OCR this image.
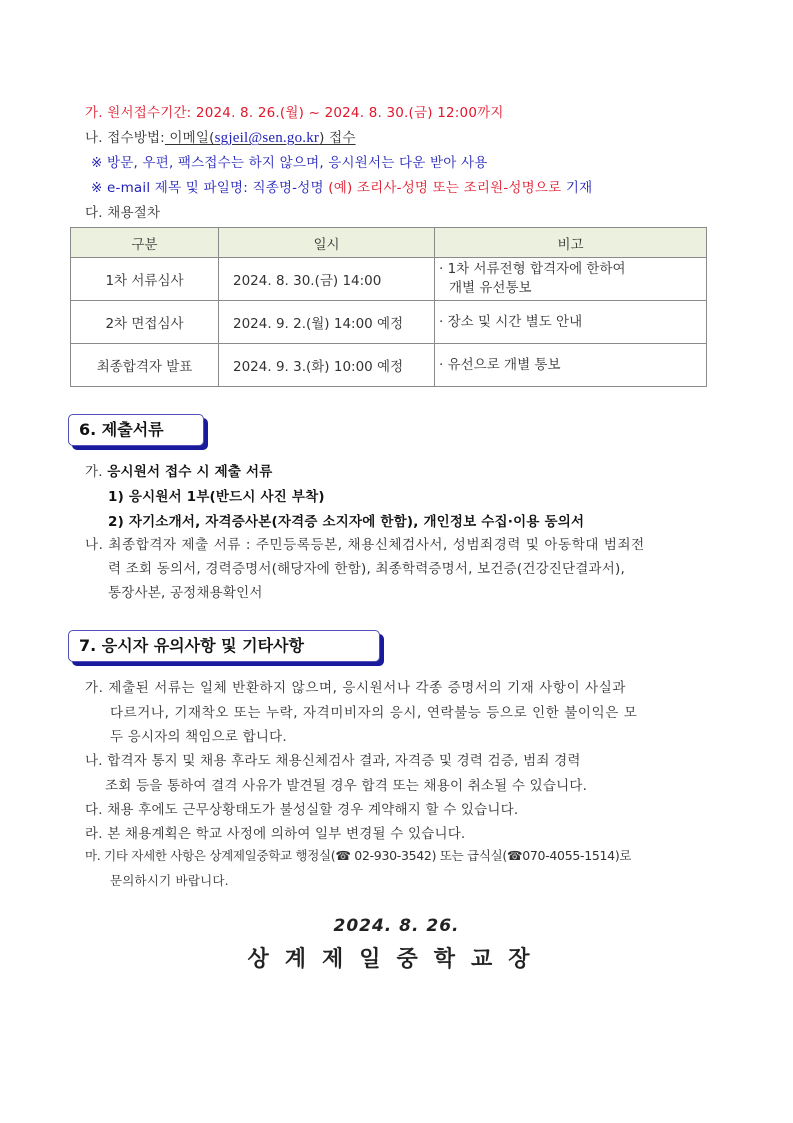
가. 원서접수기간: 2024. 8. 26.(월) ~ 2024. 8. 30.(금) 12:00까지
나. 접수방법: 이메일(sgjeil@sen.go.kr) 접수
※ 방문, 우편, 팩스접수는 하지 않으며, 응시원서는 다운 받아 사용
※ e-mail 제목 및 파일명: 직종명-성명 (예) 조리사-성명 또는 조리원-성명으로 기재
다. 채용절차
구분	일시	비고
1차 서류심사	2024. 8. 30.(금) 14:00	· 1차 서류전형 합격자에 한하여
개별 유선통보

2차 면접심사	2024. 9. 2.(월) 14:00 예정	· 장소 및 시간 별도 안내
최종합격자 발표	2024. 9. 3.(화) 10:00 예정	· 유선으로 개별 통보
6. 제출서류
가. 응시원서 접수 시 제출 서류
1) 응시원서 1부(반드시 사진 부착)
2) 자기소개서, 자격증사본(자격증 소지자에 한함), 개인정보 수집·이용 동의서
나. 최종합격자 제출 서류 : 주민등록등본, 채용신체검사서, 성범죄경력 및 아동학대 범죄전
력 조회 동의서, 경력증명서(해당자에 한함), 최종학력증명서, 보건증(건강진단결과서),
통장사본, 공정채용확인서
7. 응시자 유의사항 및 기타사항
가. 제출된 서류는 일체 반환하지 않으며, 응시원서나 각종 증명서의 기재 사항이 사실과
다르거나, 기재착오 또는 누락, 자격미비자의 응시, 연락불능 등으로 인한 불이익은 모
두 응시자의 책임으로 합니다.
나. 합격자 통지 및 채용 후라도 채용신체검사 결과, 자격증 및 경력 검증, 범죄 경력
조회 등을 통하여 결격 사유가 발견될 경우 합격 또는 채용이 취소될 수 있습니다.
다. 채용 후에도 근무상황태도가 불성실할 경우 계약해지 할 수 있습니다.
라. 본 채용계획은 학교 사정에 의하여 일부 변경될 수 있습니다.
마. 기타 자세한 사항은 상계제일중학교 행정실(☎ 02-930-3542) 또는 급식실(☎070-4055-1514)로
문의하시기 바랍니다.
2024. 8. 26.
상계제일중학교장
